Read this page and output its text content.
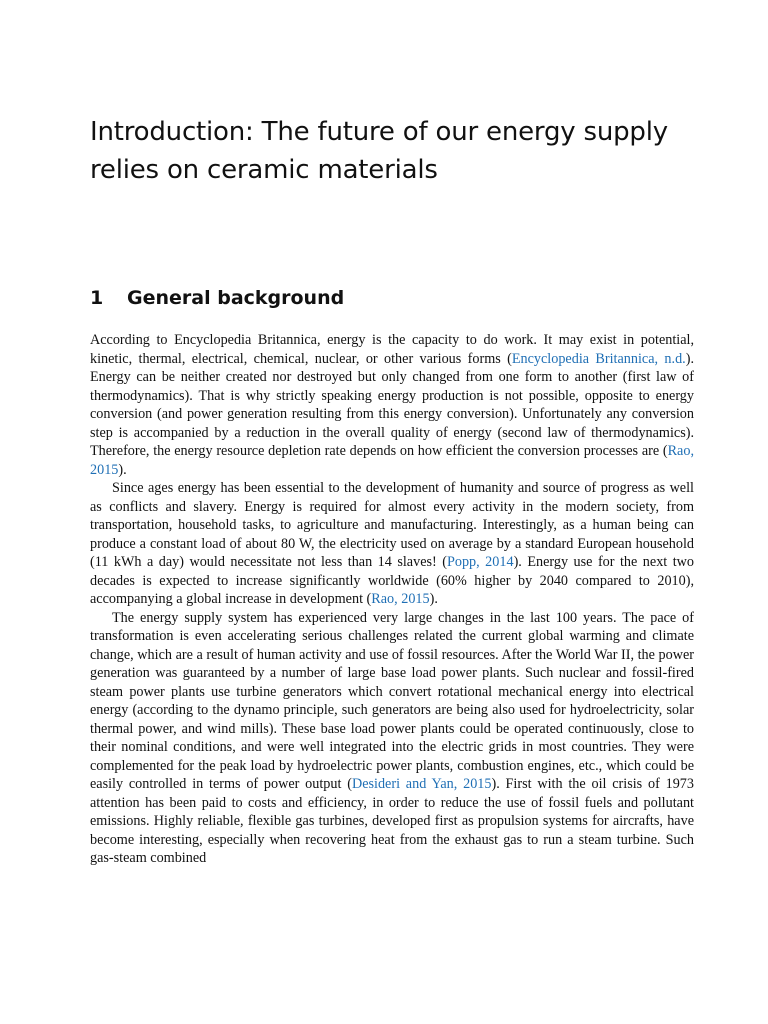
Introduction: The future of our energy supply relies on ceramic materials
1 General background

According to Encyclopedia Britannica, energy is the capacity to do work. It may exist in potential, kinetic, thermal, electrical, chemical, nuclear, or other various forms (Encyclopedia Britannica, n.d.). Energy can be neither created nor destroyed but only changed from one form to another (first law of thermodynamics). That is why strictly speaking energy production is not possible, opposite to energy conversion (and power generation resulting from this energy conversion). Unfortunately any conversion step is accompanied by a reduction in the overall quality of energy (second law of thermodynamics). Therefore, the energy resource depletion rate depends on how efficient the conversion processes are (Rao, 2015).

Since ages energy has been essential to the development of humanity and source of progress as well as conflicts and slavery. Energy is required for almost every activity in the modern society, from transportation, household tasks, to agriculture and manufacturing. Interestingly, as a human being can produce a constant load of about 80 W, the electricity used on average by a standard European household (11 kWh a day) would necessitate not less than 14 slaves! (Popp, 2014). Energy use for the next two decades is expected to increase significantly worldwide (60% higher by 2040 compared to 2010), accompanying a global increase in development (Rao, 2015).

The energy supply system has experienced very large changes in the last 100 years. The pace of transformation is even accelerating serious challenges related the current global warming and climate change, which are a result of human activity and use of fossil resources. After the World War II, the power generation was guaranteed by a number of large base load power plants. Such nuclear and fossil-fired steam power plants use turbine generators which convert rotational mechanical energy into electrical energy (according to the dynamo principle, such generators are being also used for hydroelectricity, solar thermal power, and wind mills). These base load power plants could be operated continuously, close to their nominal conditions, and were well integrated into the electric grids in most countries. They were complemented for the peak load by hydroelectric power plants, combustion engines, etc., which could be easily controlled in terms of power output (Desideri and Yan, 2015). First with the oil crisis of 1973 attention has been paid to costs and efficiency, in order to reduce the use of fossil fuels and pollutant emissions. Highly reliable, flexible gas turbines, developed first as propulsion systems for aircrafts, have become interesting, especially when recovering heat from the exhaust gas to run a steam turbine. Such gas-steam combined
